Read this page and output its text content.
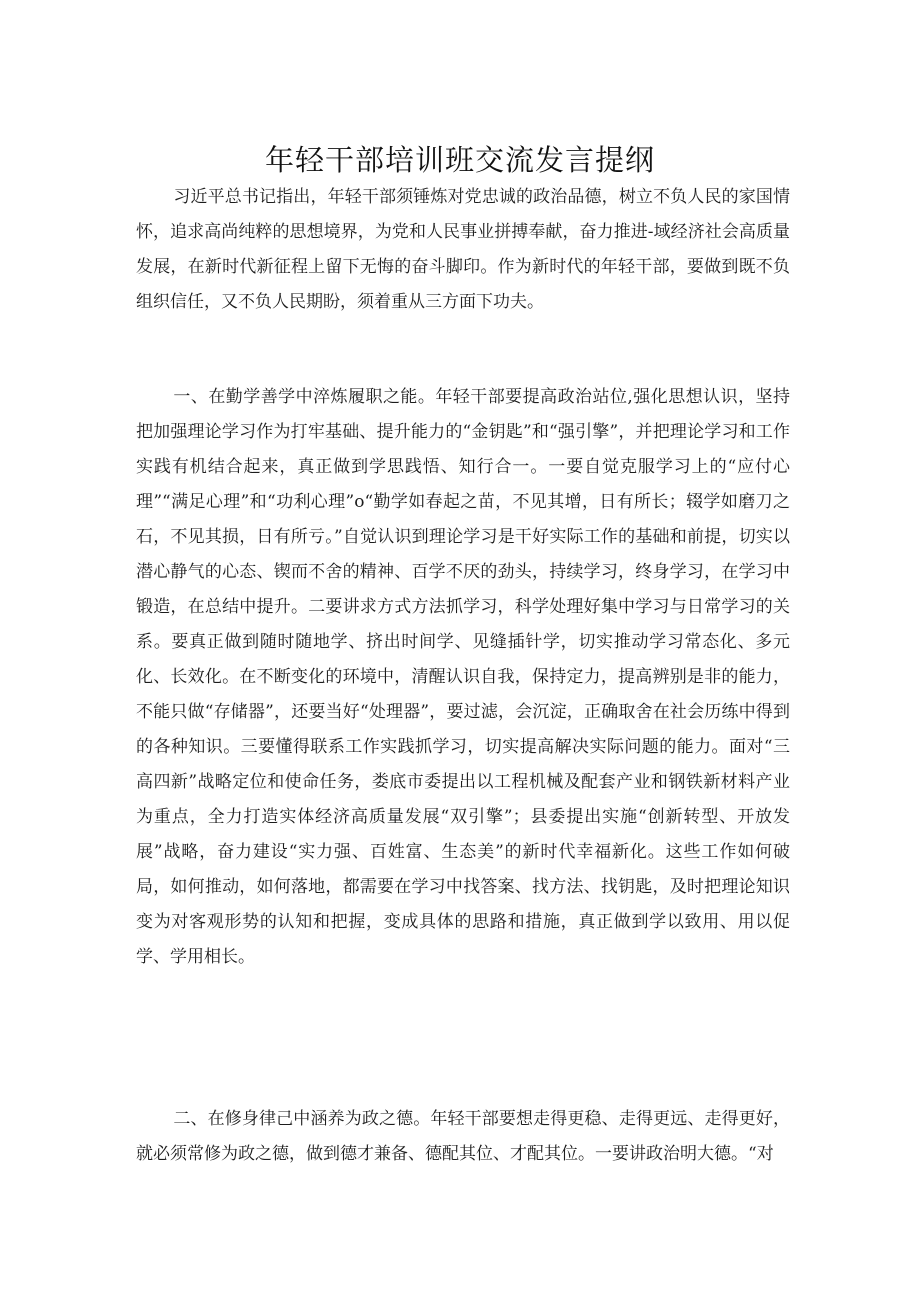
年轻干部培训班交流发言提纲

习近平总书记指出，年轻干部须锤炼对党忠诚的政治品德，树立不负人民的家国情怀，追求高尚纯粹的思想境界，为党和人民事业拼搏奉献，奋力推进-域经济社会高质量发展，在新时代新征程上留下无悔的奋斗脚印。作为新时代的年轻干部，要做到既不负组织信任，又不负人民期盼，须着重从三方面下功夫。

一、在勤学善学中淬炼履职之能。年轻干部要提高政治站位,强化思想认识，坚持把加强理论学习作为打牢基础、提升能力的“金钥匙”和“强引擎”，并把理论学习和工作实践有机结合起来，真正做到学思践悟、知行合一。一要自觉克服学习上的“应付心理”“满足心理”和“功利心理”o“勤学如春起之苗，不见其增，日有所长；辍学如磨刀之石，不见其损，日有所亏。”自觉认识到理论学习是干好实际工作的基础和前提，切实以潜心静气的心态、锲而不舍的精神、百学不厌的劲头，持续学习，终身学习，在学习中锻造，在总结中提升。二要讲求方式方法抓学习，科学处理好集中学习与日常学习的关系。要真正做到随时随地学、挤出时间学、见缝插针学，切实推动学习常态化、多元化、长效化。在不断变化的环境中，清醒认识自我，保持定力，提高辨别是非的能力，不能只做“存储器”，还要当好“处理器”，要过滤，会沉淀，正确取舍在社会历练中得到的各种知识。三要懂得联系工作实践抓学习，切实提高解决实际问题的能力。面对“三高四新”战略定位和使命任务，娄底市委提出以工程机械及配套产业和钢铁新材料产业为重点，全力打造实体经济高质量发展“双引擎”；县委提出实施“创新转型、开放发展”战略，奋力建设“实力强、百姓富、生态美”的新时代幸福新化。这些工作如何破局，如何推动，如何落地，都需要在学习中找答案、找方法、找钥匙，及时把理论知识变为对客观形势的认知和把握，变成具体的思路和措施，真正做到学以致用、用以促学、学用相长。

二、在修身律己中涵养为政之德。年轻干部要想走得更稳、走得更远、走得更好，就必须常修为政之德，做到德才兼备、德配其位、才配其位。一要讲政治明大德。“对
